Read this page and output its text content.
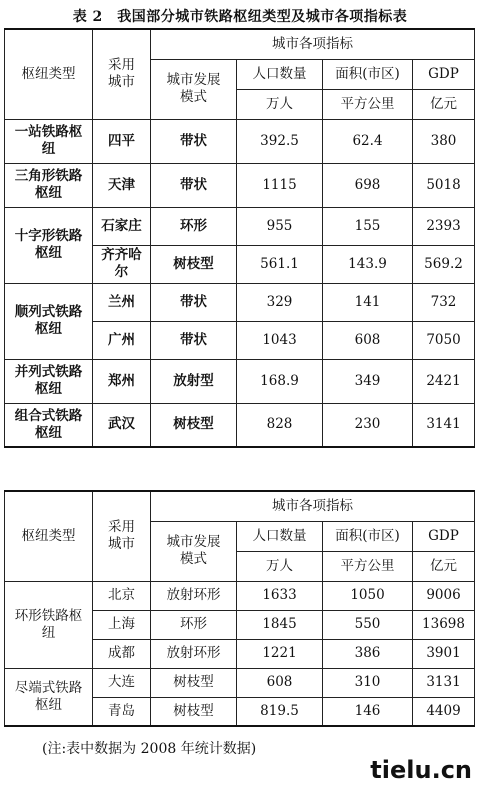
表 2　我国部分城市铁路枢纽类型及城市各项指标表
枢纽类型	采用城市	城市各项指标			

		城市发展模式	人口数量	面积(市区)	GDP
			万人	平方公里	亿元

一站铁路枢纽	四平	带状	392.5	62.4	380

三角形铁路枢纽	天津	带状	1115	698	5018

十字形铁路枢纽	石家庄	环形	955	155	2393

	齐齐哈尔	树枝型	561.1	143.9	569.2

顺列式铁路枢纽	兰州	带状	329	141	732

	广州	带状	1043	608	7050

并列式铁路枢纽	郑州	放射型	168.9	349	2421

组合式铁路枢纽	武汉	树枝型	828	230	3141
枢纽类型	采用城市	城市各项指标			

		城市发展模式	人口数量	面积(市区)	GDP
			万人	平方公里	亿元

环形铁路枢纽	北京	放射环形	1633	1050	9006

	上海	环形	1845	550	13698

	成都	放射环形	1221	386	3901

尽端式铁路枢纽	大连	树枝型	608	310	3131

	青岛	树枝型	819.5	146	4409
(注:表中数据为 2008 年统计数据)
tielu.cn
